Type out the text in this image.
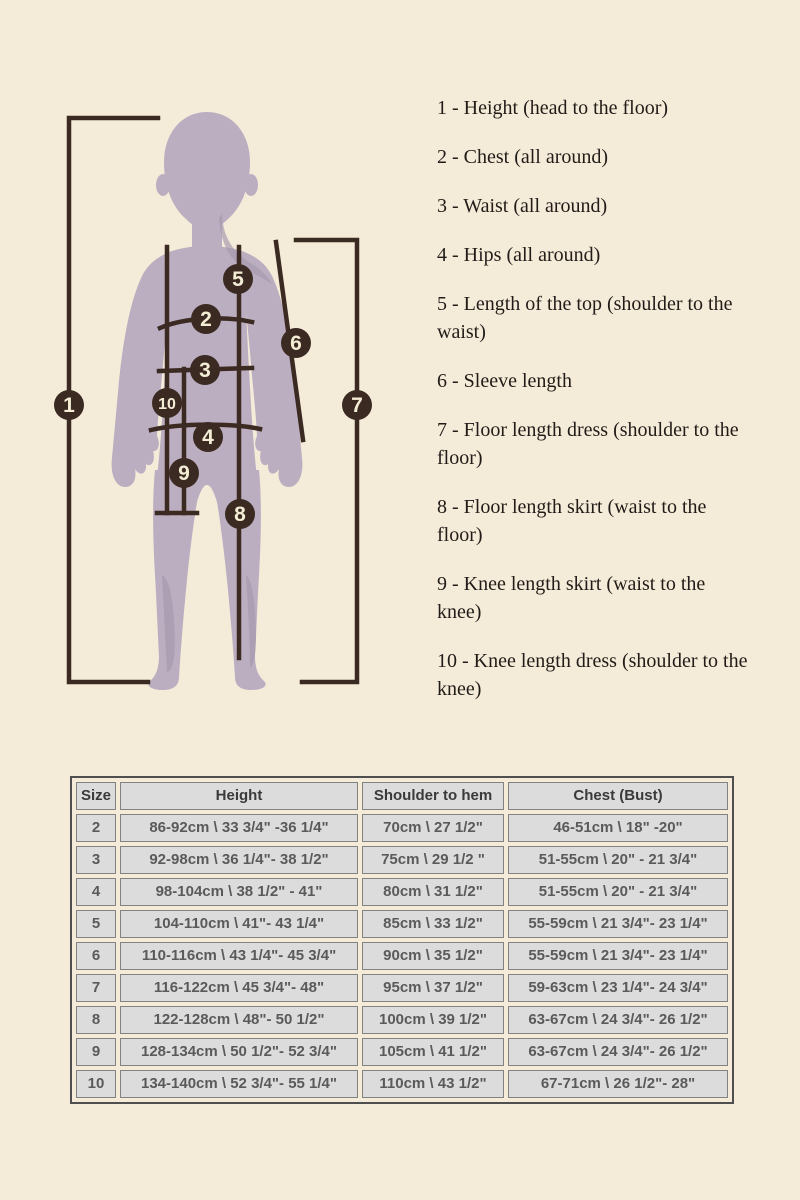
1
2
3
4
5
6
7
8
9
10
1 - Height (head to the floor)
2 - Chest (all around)
3 - Waist (all around)
4 - Hips (all around)
5 - Length of the top (shoulder to the waist)
6 - Sleeve length
7 - Floor length dress (shoulder to the floor)
8 - Floor length skirt (waist to the floor)
9 - Knee length skirt (waist to the knee)
10 - Knee length dress (shoulder to the knee)
Size	Height	Shoulder to hem	Chest (Bust)
2	86-92cm \ 33 3/4" -36 1/4"	70cm \ 27 1/2"	46-51cm \ 18" -20"
3	92-98cm \ 36 1/4"- 38 1/2"	75cm \ 29 1/2 "	51-55cm \ 20" - 21 3/4"
4	98-104cm \ 38 1/2" - 41"	80cm \ 31 1/2"	51-55cm \ 20" - 21 3/4"
5	104-110cm \ 41"- 43 1/4"	85cm \ 33 1/2"	55-59cm \ 21 3/4"- 23 1/4"
6	110-116cm \ 43 1/4"- 45 3/4"	90cm \ 35 1/2"	55-59cm \ 21 3/4"- 23 1/4"
7	116-122cm \ 45 3/4"- 48"	95cm \ 37 1/2"	59-63cm \ 23 1/4"- 24 3/4"
8	122-128cm \ 48"- 50 1/2"	100cm \ 39 1/2"	63-67cm \ 24 3/4"- 26 1/2"
9	128-134cm \ 50 1/2"- 52 3/4"	105cm \ 41 1/2"	63-67cm \ 24 3/4"- 26 1/2"
10	134-140cm \ 52 3/4"- 55 1/4"	110cm \ 43 1/2"	67-71cm \ 26 1/2"- 28"
